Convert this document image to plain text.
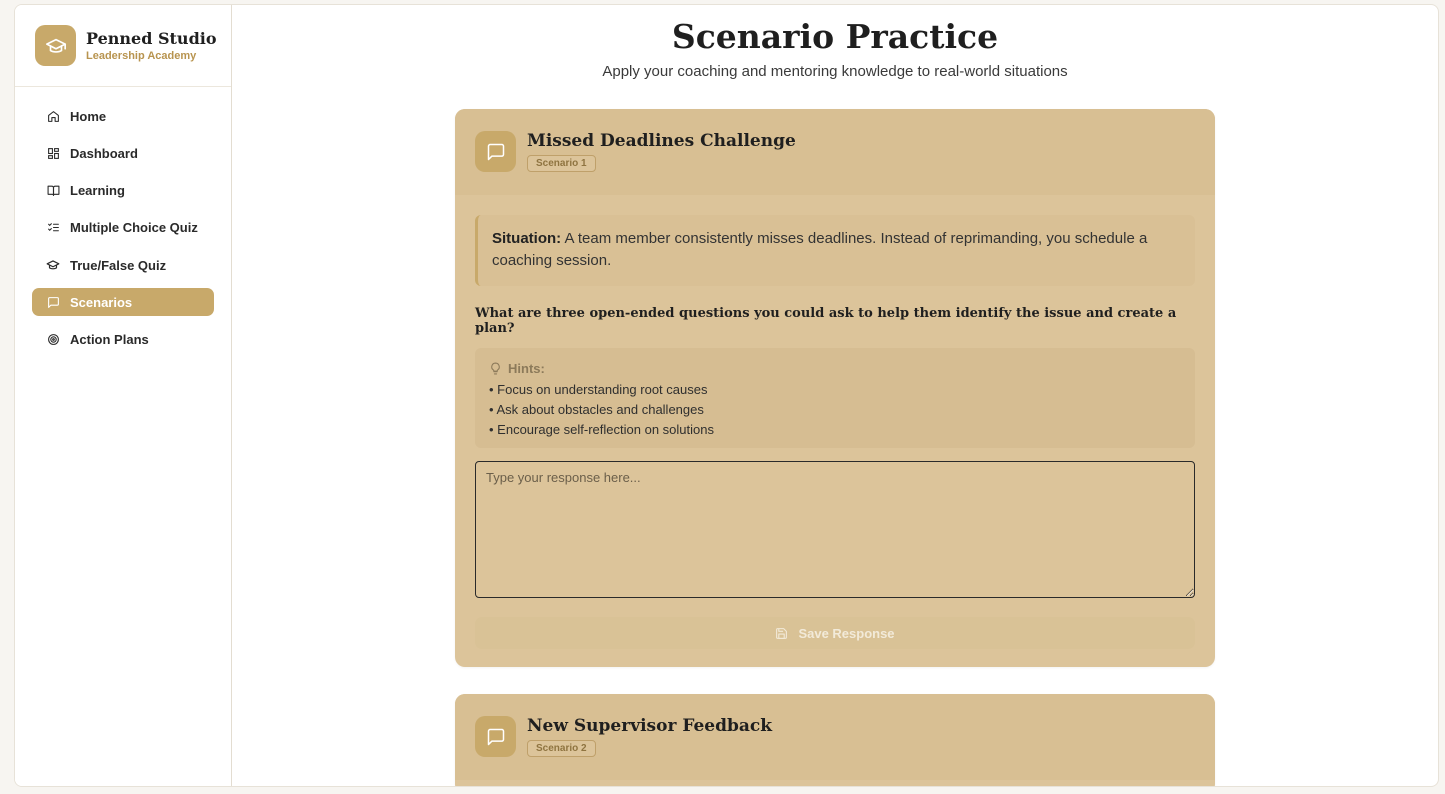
Penned Studio
Leadership Academy
Home
Dashboard
Learning
Multiple Choice Quiz
True/False Quiz
Scenarios
Action Plans
Scenario Practice

Apply your coaching and mentoring knowledge to real-world situations

Missed Deadlines Challenge
Scenario 1
Situation: A team member consistently misses deadlines. Instead of reprimanding, you schedule a coaching session.
What are three open-ended questions you could ask to help them identify the issue and create a plan?
Hints:
• Focus on understanding root causes
• Ask about obstacles and challenges
• Encourage self-reflection on solutions
Type your response here...
Save Response
New Supervisor Feedback
Scenario 2
